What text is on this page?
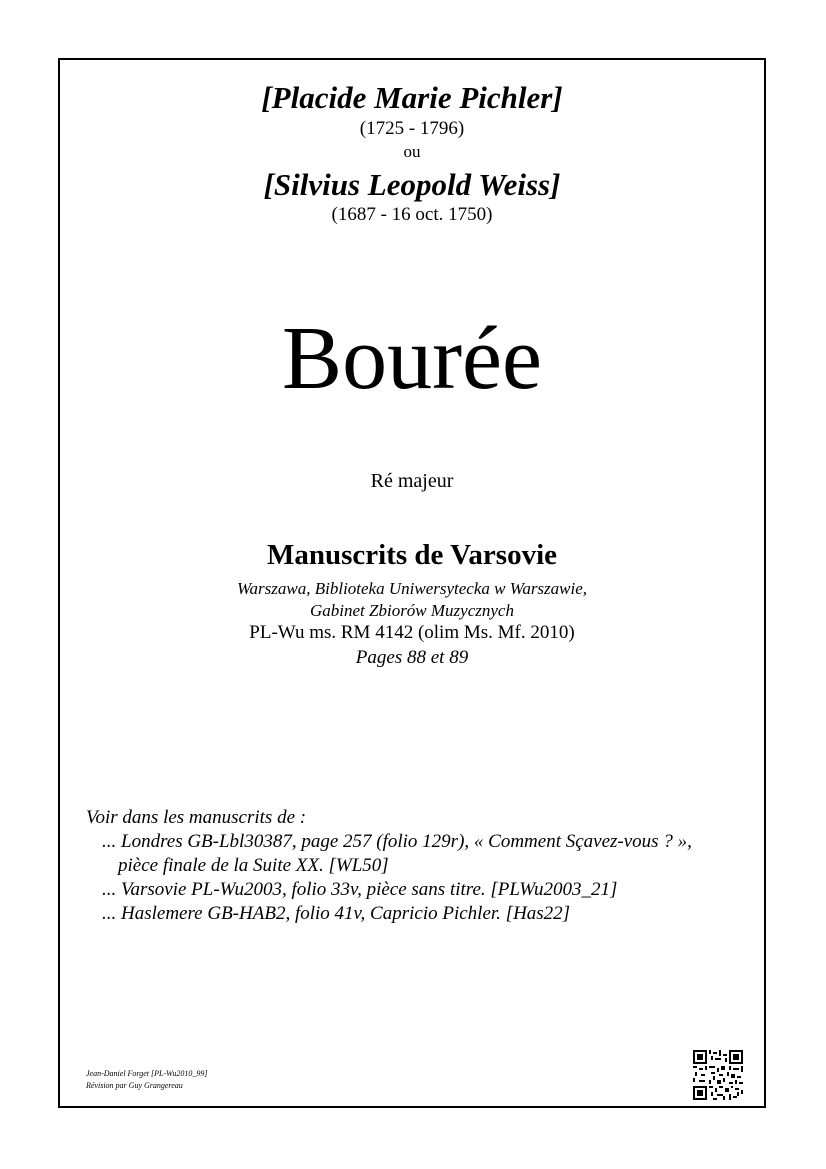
[Placide Marie Pichler]
(1725 - 1796)
ou
[Silvius Leopold Weiss]
(1687 - 16 oct. 1750)
Bourée
Ré majeur
Manuscrits de Varsovie
Warszawa, Biblioteka Uniwersytecka w Warszawie,
Gabinet Zbiorów Muzycznych
PL-Wu ms. RM 4142 (olim Ms. Mf. 2010)
Pages 88 et 89
Voir dans les manuscrits de :
... Londres GB-Lbl30387, page 257 (folio 129r), « Comment Sçavez-vous ? »,
pièce finale de la Suite XX. [WL50]
... Varsovie PL-Wu2003, folio 33v, pièce sans titre. [PLWu2003_21]
... Haslemere GB-HAB2, folio 41v, Capricio Pichler. [Has22]
Jean-Daniel Forget [PL-Wu2010_99]
Révision par Guy Grangereau
